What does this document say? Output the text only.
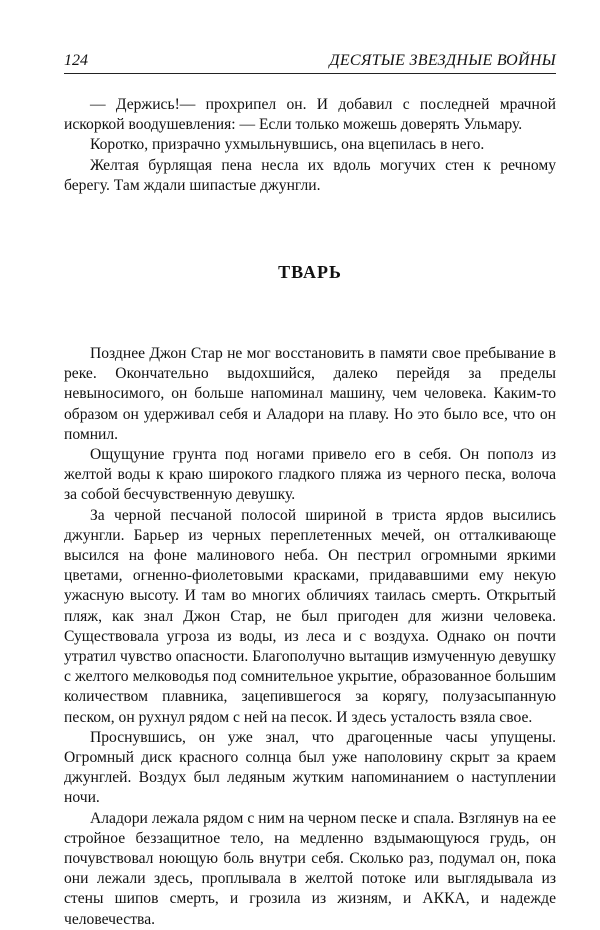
124	ДЕСЯТЫЕ ЗВЕЗДНЫЕ ВОЙНЫ

— Держись!— прохрипел он. И добавил с последней мрачной искоркой воодушевления: — Если только можешь доверять Ульмару.

Коротко, призрачно ухмыльнувшись, она вцепилась в него.

Желтая бурлящая пена несла их вдоль могучих стен к речному берегу. Там ждали шипастые джунгли.

ТВАРЬ

Позднее Джон Стар не мог восстановить в памяти свое пребывание в реке. Окончательно выдохшийся, далеко перейдя за пределы невыносимого, он больше напоминал машину, чем человека. Каким-то образом он удерживал себя и Аладори на плаву. Но это было все, что он помнил.

Ощущуние грунта под ногами привело его в себя. Он пополз из желтой воды к краю широкого гладкого пляжа из черного песка, волоча за собой бесчувственную девушку.

За черной песчаной полосой шириной в триста ярдов высились джунгли. Барьер из черных переплетенных мечей, он отталкивающе высился на фоне малинового неба. Он пестрил огромными яркими цветами, огненно-фиолетовыми красками, придававшими ему некую ужасную высоту. И там во многих обличиях таилась смерть. Открытый пляж, как знал Джон Стар, не был пригоден для жизни человека. Существовала угроза из воды, из леса и с воздуха. Однако он почти утратил чувство опасности. Благополучно вытащив измученную девушку с желтого мелководья под сомнительное укрытие, образованное большим количеством плавника, зацепившегося за корягу, полузасыпанную песком, он рухнул рядом с ней на песок. И здесь усталость взяла свое.

Проснувшись, он уже знал, что драгоценные часы упущены. Огромный диск красного солнца был уже наполовину скрыт за краем джунглей. Воздух был ледяным жутким напоминанием о наступлении ночи.

Аладори лежала рядом с ним на черном песке и спала. Взглянув на ее стройное беззащитное тело, на медленно вздымающуюся грудь, он почувствовал ноющую боль внутри себя. Сколько раз, подумал он, пока они лежали здесь, проплывала в желтой потоке или выглядывала из стены шипов смерть, и грозила из жизням, и АККА, и надежде человечества.
